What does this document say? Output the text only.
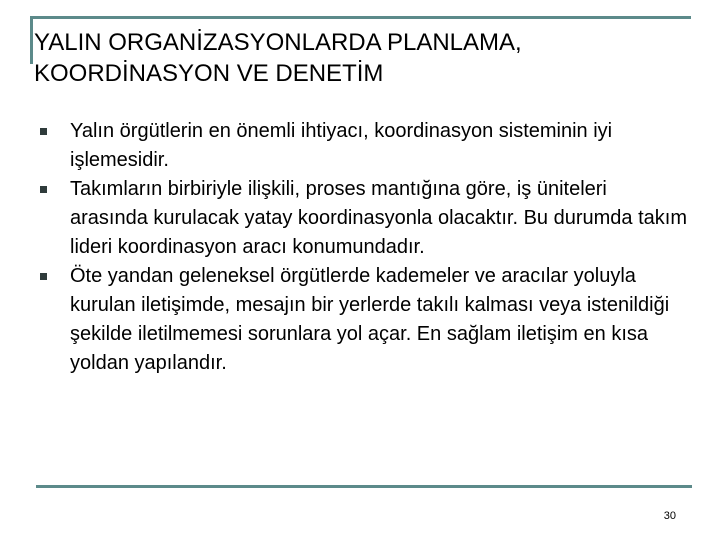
YALIN ORGANİZASYONLARDA PLANLAMA, KOORDİNASYON VE DENETİM
Yalın örgütlerin en önemli ihtiyacı, koordinasyon sisteminin iyi işlemesidir.
Takımların birbiriyle ilişkili, proses mantığına göre, iş üniteleri arasında kurulacak yatay koordinasyonla olacaktır. Bu durumda takım lideri koordinasyon aracı konumundadır.
Öte yandan geleneksel örgütlerde kademeler ve aracılar yoluyla kurulan iletişimde, mesajın bir yerlerde takılı kalması veya istenildiği şekilde iletilmemesi sorunlara yol açar. En sağlam iletişim en kısa yoldan yapılandır.
30
